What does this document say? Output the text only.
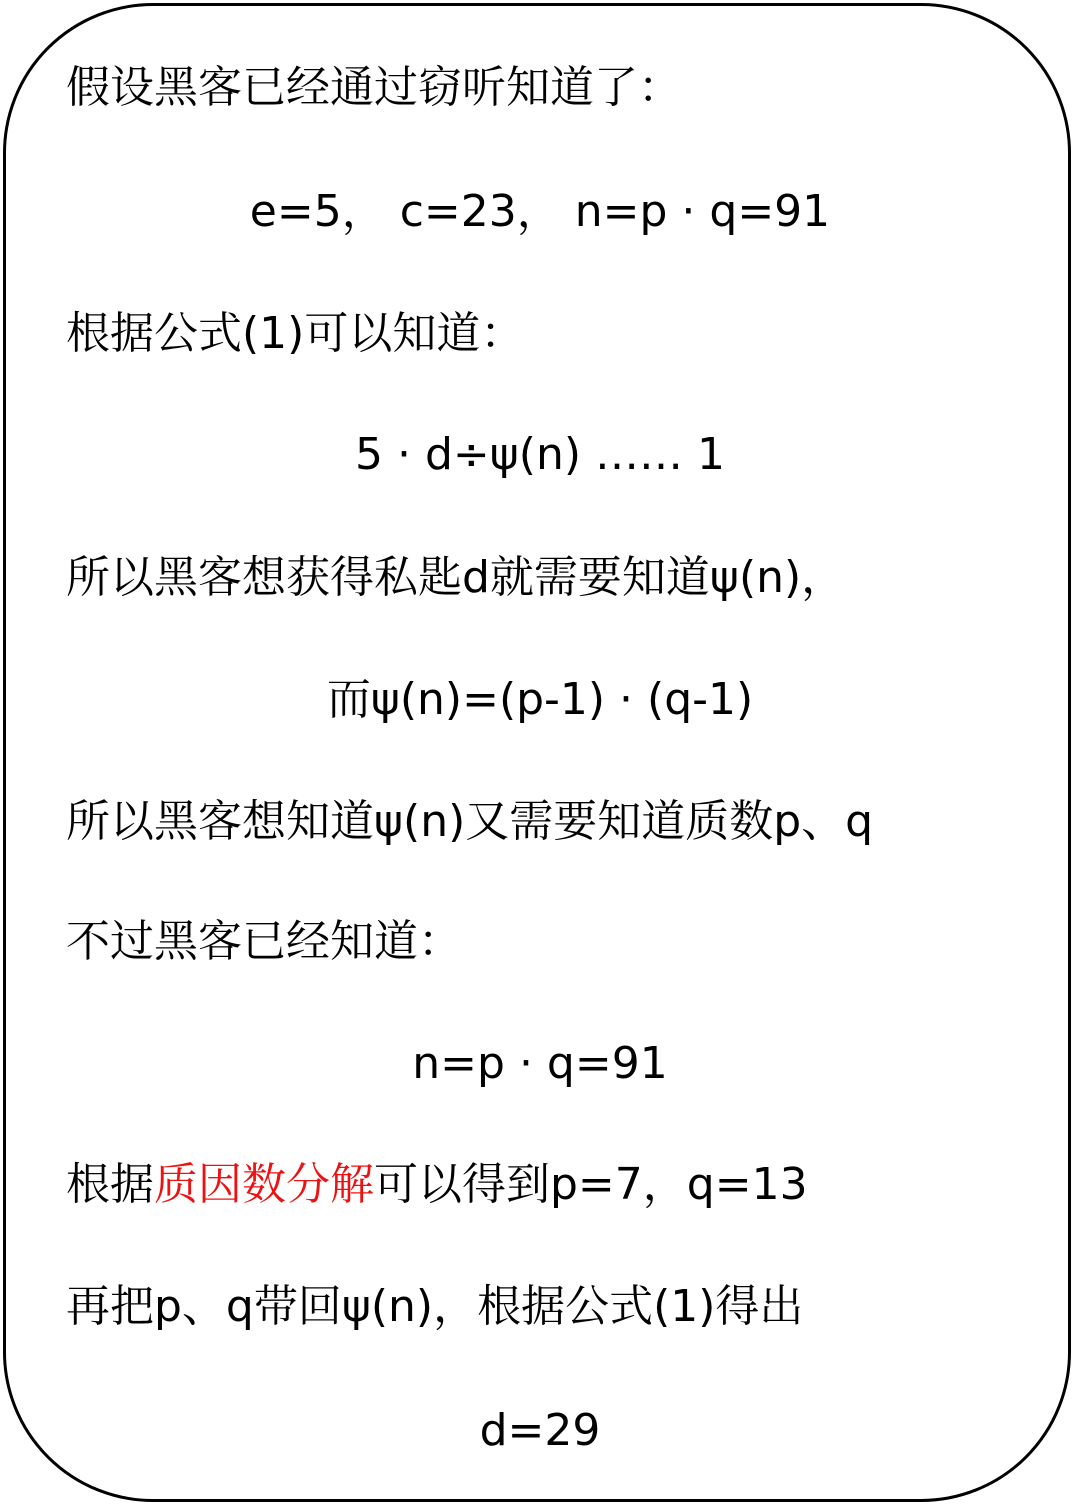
假设黑客已经通过窃听知道了：
e=5， c=23， n=p · q=91
根据公式(1)可以知道：
5 · d÷ψ(n) …… 1
所以黑客想获得私匙d就需要知道ψ(n)，
而ψ(n)=(p-1) · (q-1)
所以黑客想知道ψ(n)又需要知道质数p、q
不过黑客已经知道：
n=p · q=91
根据质因数分解可以得到p=7，q=13
再把p、q带回ψ(n)，根据公式(1)得出
d=29
